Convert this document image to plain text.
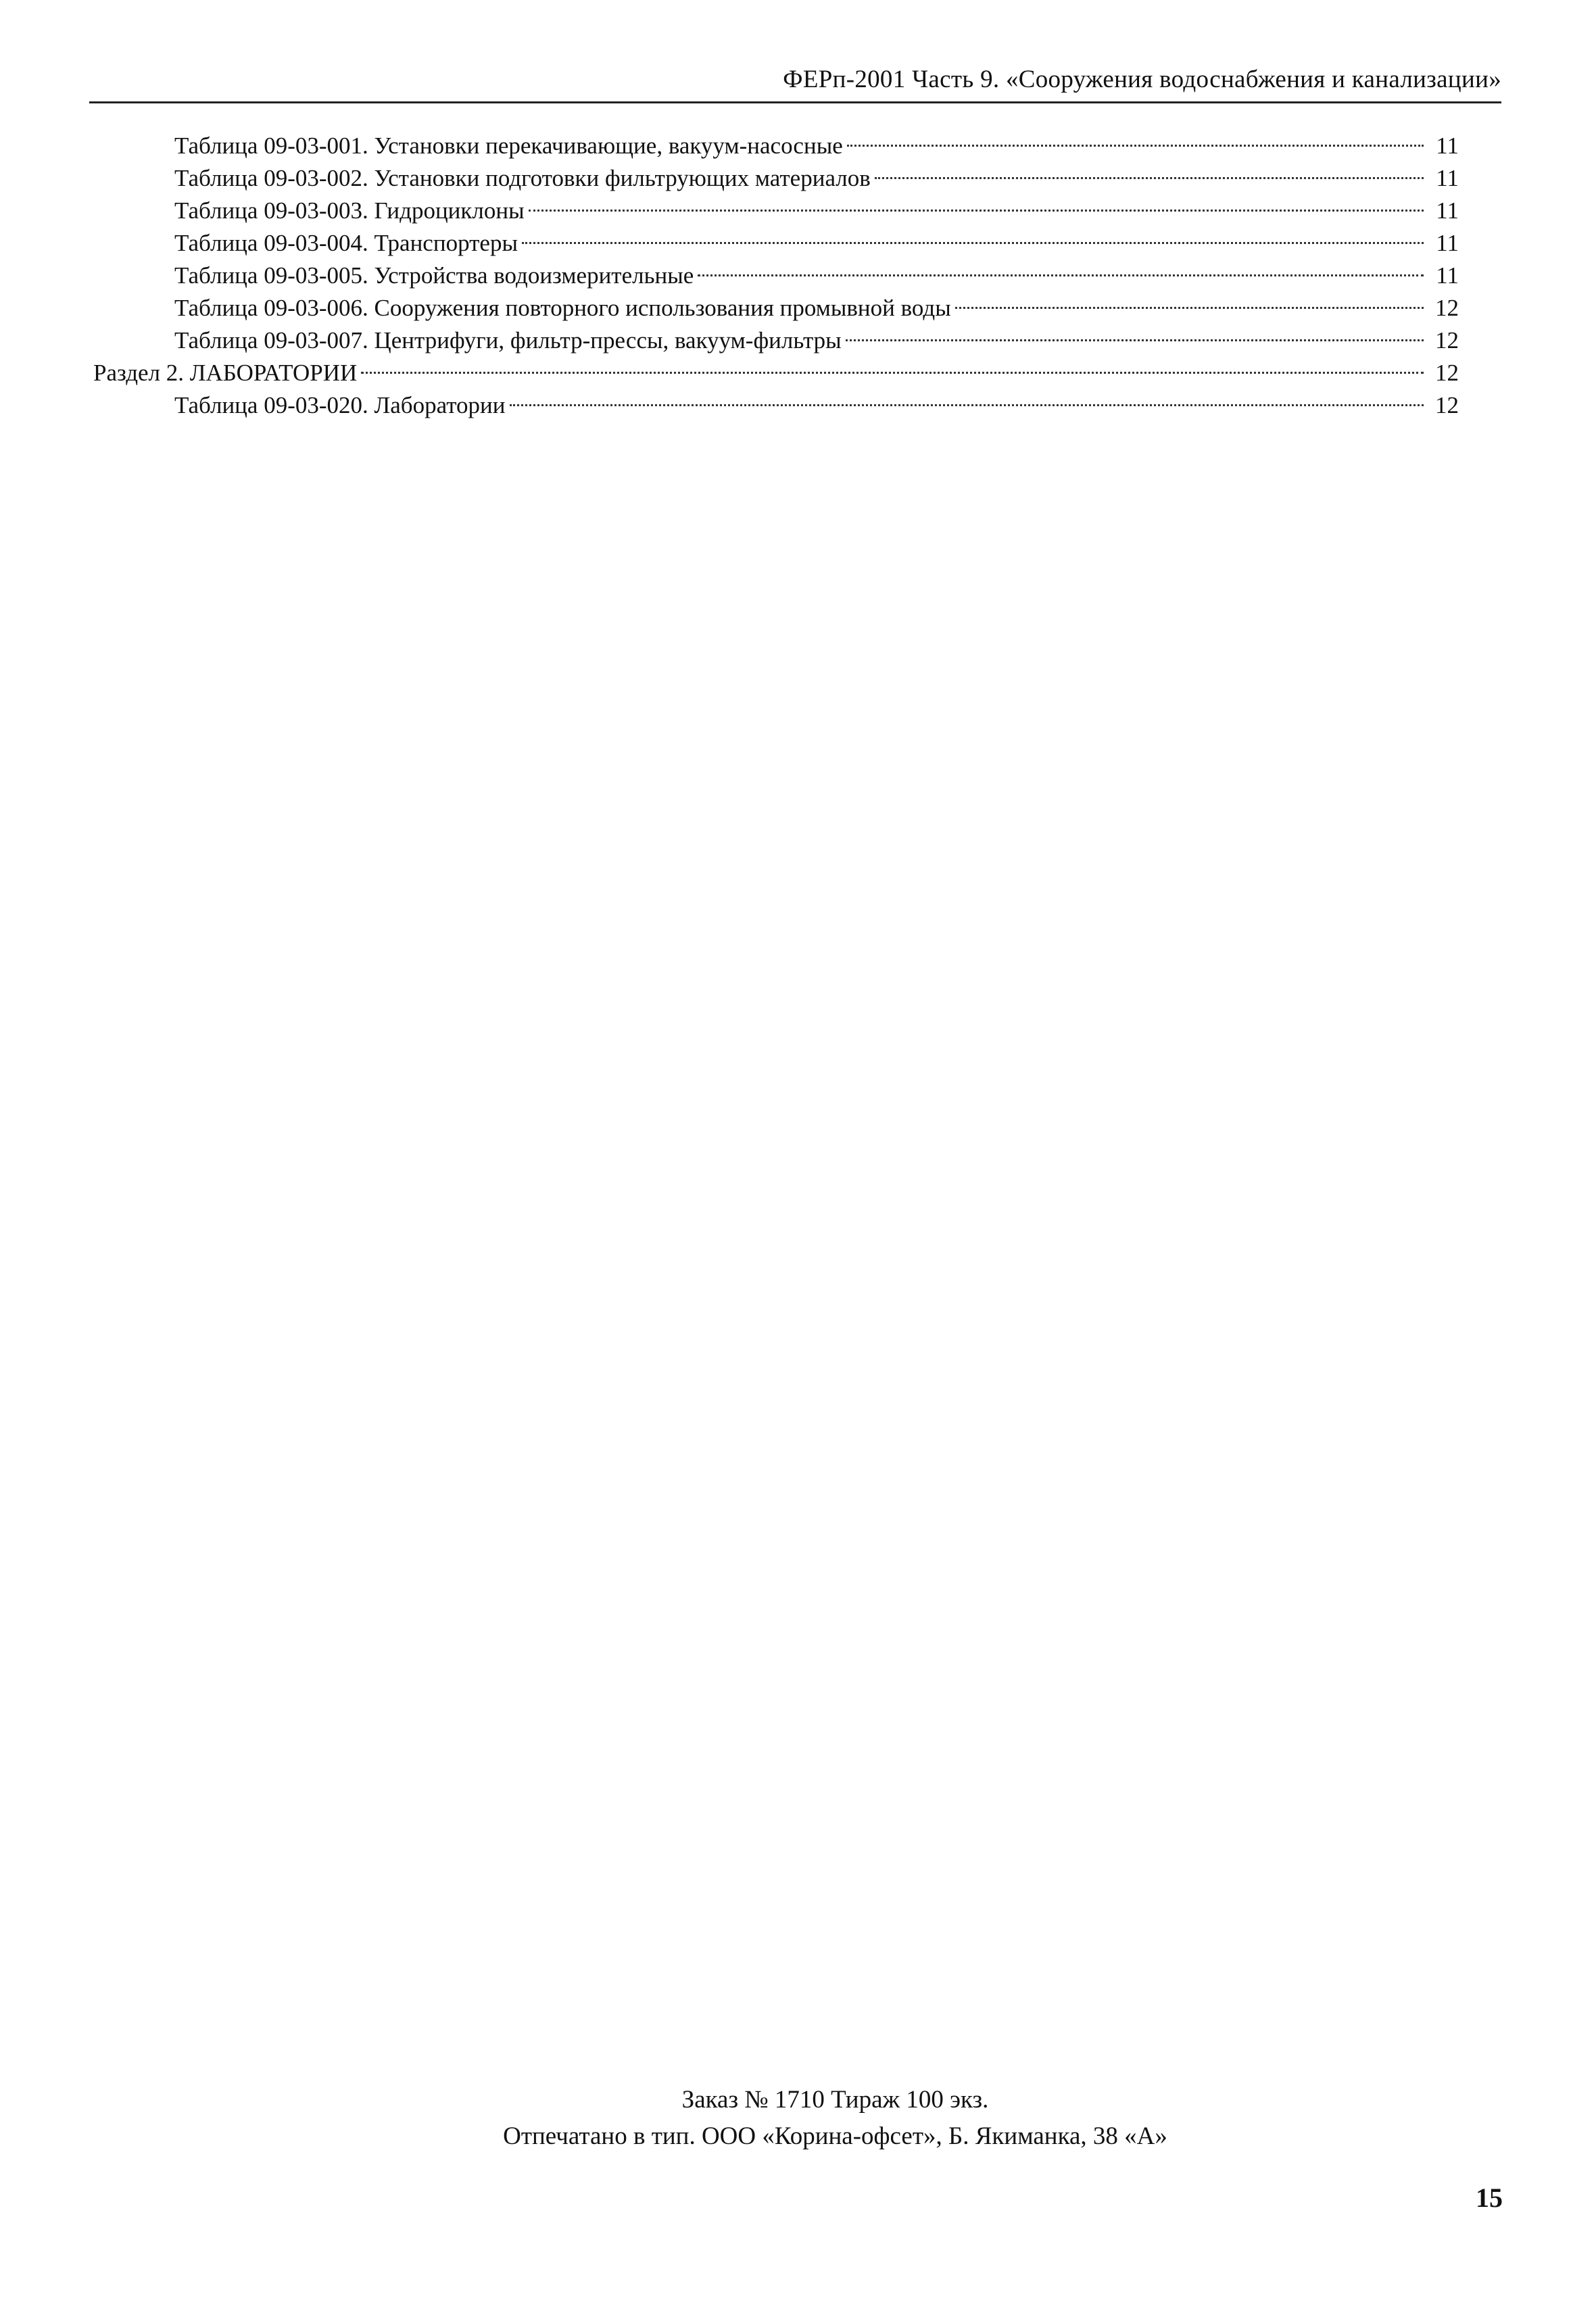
ФЕРп-2001 Часть 9. «Сооружения водоснабжения и канализации»
Таблица 09-03-001. Установки перекачивающие, вакуум-насосные	11
Таблица 09-03-002. Установки подготовки фильтрующих материалов	11
Таблица 09-03-003. Гидроциклоны	11
Таблица 09-03-004. Транспортеры	11
Таблица 09-03-005. Устройства водоизмерительные	11
Таблица 09-03-006. Сооружения повторного использования промывной воды	12
Таблица 09-03-007. Центрифуги, фильтр-прессы, вакуум-фильтры	12
Раздел 2. ЛАБОРАТОРИИ	12
Таблица 09-03-020. Лаборатории	12
Заказ № 1710 Тираж 100 экз.
Отпечатано в тип. ООО «Корина-офсет», Б. Якиманка, 38 «А»
15
